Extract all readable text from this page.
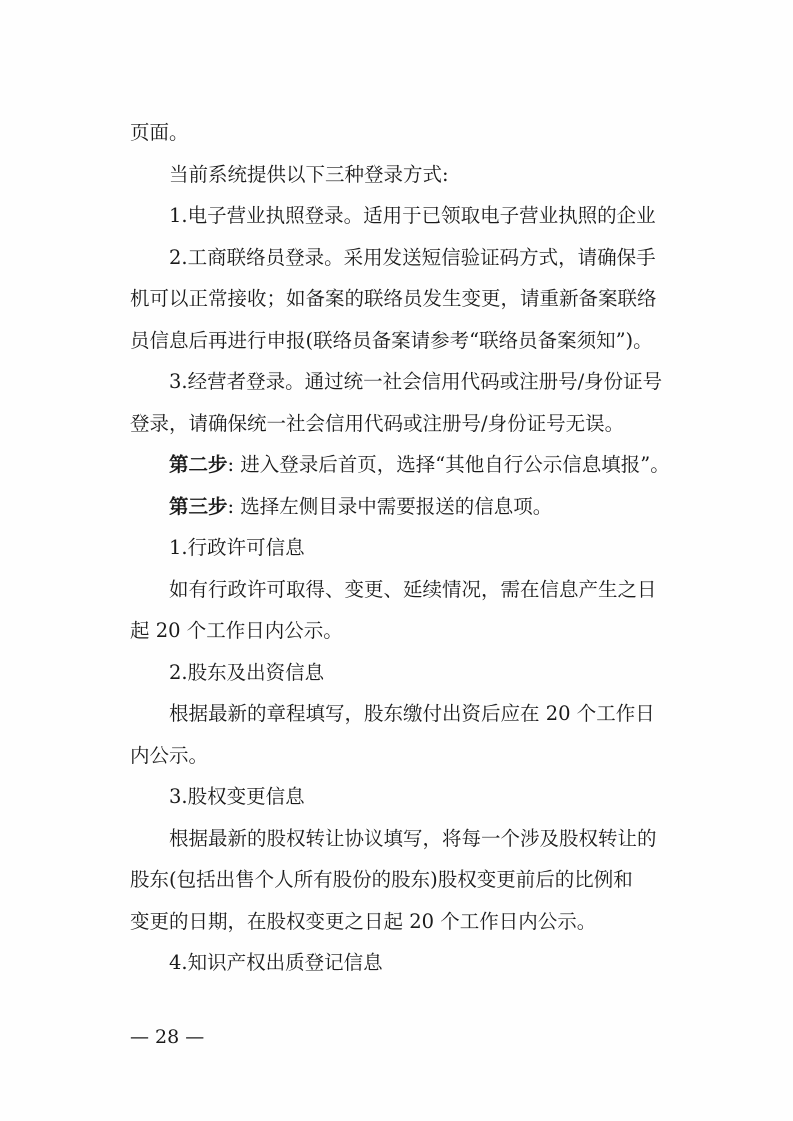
页面。
当前系统提供以下三种登录方式:
1.电子营业执照登录。适用于已领取电子营业执照的企业
2.工商联络员登录。采用发送短信验证码方式，请确保手
机可以正常接收；如备案的联络员发生变更，请重新备案联络
员信息后再进行申报(联络员备案请参考“联络员备案须知”)。
3.经营者登录。通过统一社会信用代码或注册号/身份证号
登录，请确保统一社会信用代码或注册号/身份证号无误。
第二步: 进入登录后首页，选择“其他自行公示信息填报”。
第三步: 选择左侧目录中需要报送的信息项。
1.行政许可信息
如有行政许可取得、变更、延续情况，需在信息产生之日
起 20 个工作日内公示。
2.股东及出资信息
根据最新的章程填写，股东缴付出资后应在 20 个工作日
内公示。
3.股权变更信息
根据最新的股权转让协议填写，将每一个涉及股权转让的
股东(包括出售个人所有股份的股东)股权变更前后的比例和
变更的日期，在股权变更之日起 20 个工作日内公示。
4.知识产权出质登记信息
— 28 —
